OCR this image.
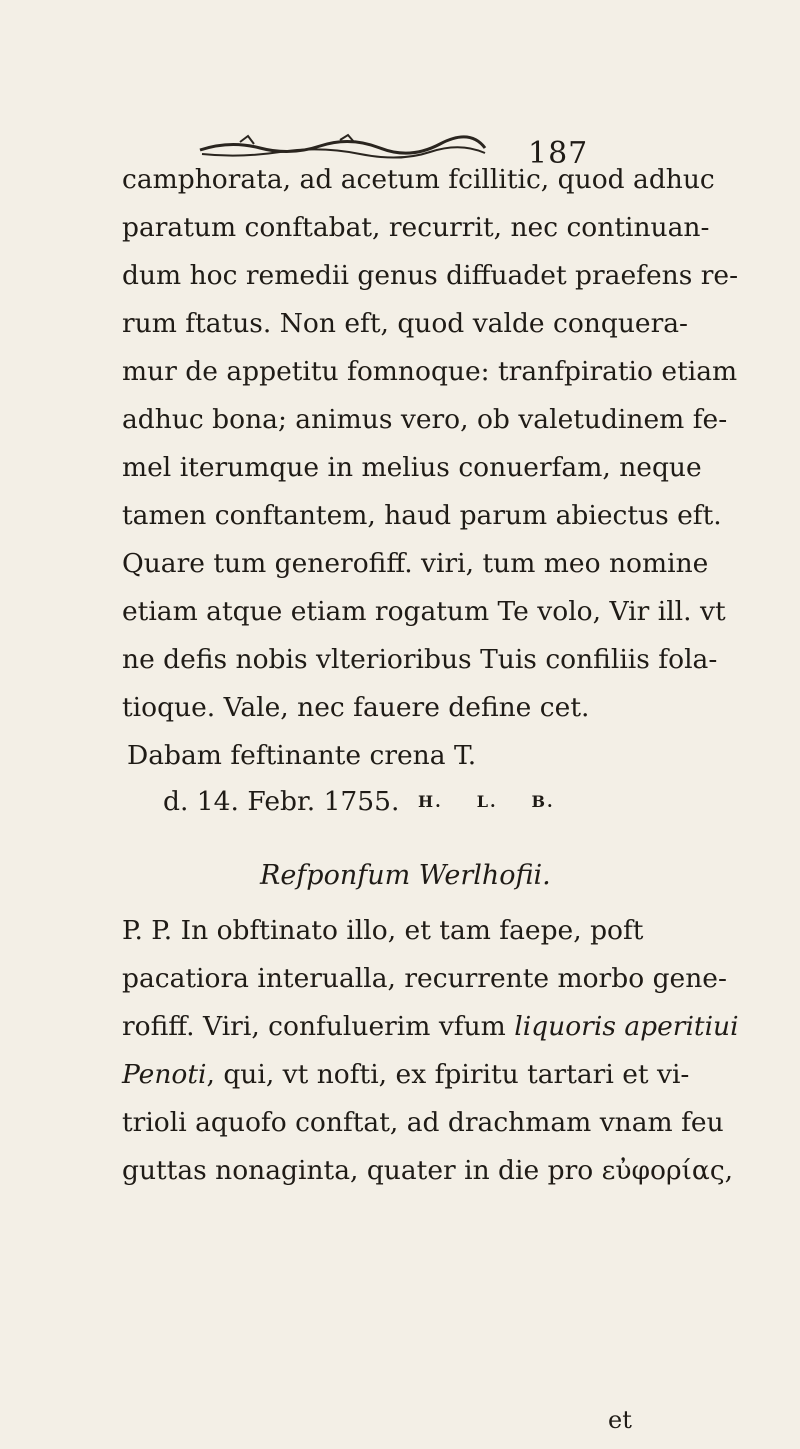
187
camphorata, ad acetum fcillitic, quod adhuc
paratum conftabat, recurrit, nec continuan-
dum hoc remedii genus diffuadet praefens re-
rum ftatus. Non eft, quod valde conquera-
mur de appetitu fomnoque: tranfpiratio etiam
adhuc bona; animus vero, ob valetudinem fe-
mel iterumque in melius conuerfam, neque
tamen conftantem, haud parum abiectus eft.
Quare tum generofiff. viri, tum meo nomine
etiam atque etiam rogatum Te volo, Vir ill. vt
ne defis nobis vlterioribus Tuis confiliis fola-
tioque. Vale, nec fauere define cet.
Dabam feftinante crena T.
d. 14. Febr. 1755.	H. L. B.
Refponfum Werlhofii.
P. P. In obftinato illo, et tam faepe, poft
pacatiora interualla, recurrente morbo gene-
rofiff. Viri, confuluerim vfum liquoris aperitiui
Penoti, qui, vt nofti, ex fpiritu tartari et vi-
trioli aquofo conftat, ad drachmam vnam feu
guttas nonaginta, quater in die pro εὐφορίας,
et
